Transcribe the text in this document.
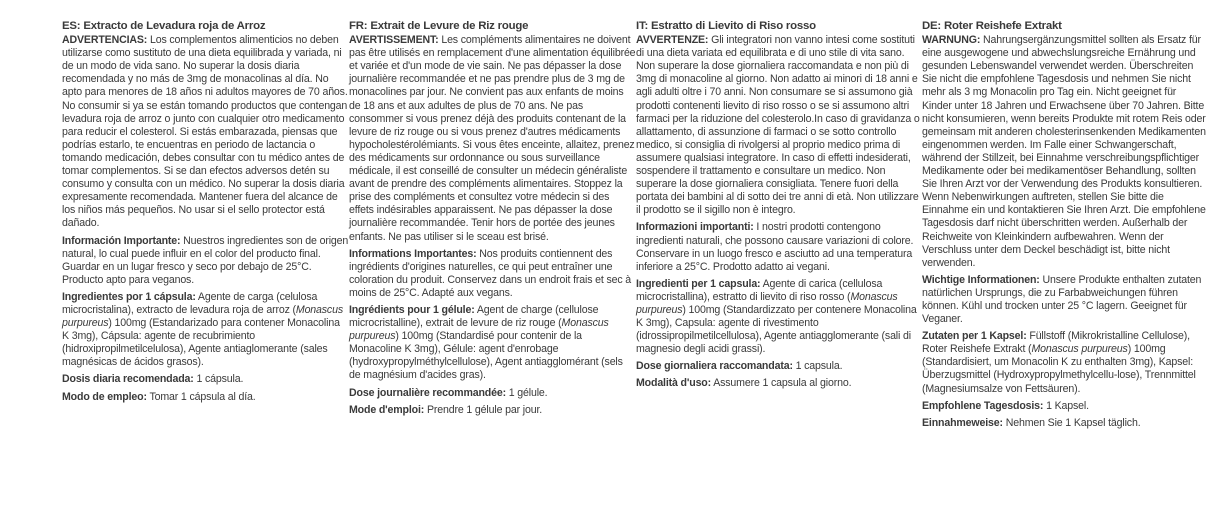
ES: Extracto de Levadura roja de Arroz
ADVERTENCIAS: Los complementos alimenticios no deben utilizarse como sustituto de una dieta equilibrada y variada, ni de un modo de vida sano. No superar la dosis diaria recomendada y no más de 3mg de monacolinas al día. No apto para menores de 18 años ni adultos mayores de 70 años. No consumir si ya se están tomando productos que contengan levadura roja de arroz o junto con cualquier otro medicamento para reducir el colesterol. Si estás embarazada, piensas que podrías estarlo, te encuentras en periodo de lactancia o tomando medicación, debes consultar con tu médico antes de tomar complementos. Si se dan efectos adversos detén su consumo y consulta con un médico. No superar la dosis diaria expresamente recomendada. Mantener fuera del alcance de los niños más pequeños. No usar si el sello protector está dañado.
Información Importante: Nuestros ingredientes son de origen natural, lo cual puede influir en el color del producto final. Guardar en un lugar fresco y seco por debajo de 25°C. Producto apto para veganos.
Ingredientes por 1 cápsula: Agente de carga (celulosa microcristalina), extracto de levadura roja de arroz (Monascus purpureus) 100mg (Estandarizado para contener Monacolina K 3mg), Cápsula: agente de recubrimiento (hidroxipropilmetilcelulosa), Agente antiaglomerante (sales magnésicas de ácidos grasos).
Dosis diaria recomendada: 1 cápsula.
Modo de empleo: Tomar 1 cápsula al día.
FR: Extrait de Levure de Riz rouge
AVERTISSEMENT: Les compléments alimentaires ne doivent pas être utilisés en remplacement d'une alimentation équilibrée et variée et d'un mode de vie sain. Ne pas dépasser la dose journalière recommandée et ne pas prendre plus de 3 mg de monacolines par jour. Ne convient pas aux enfants de moins de 18 ans et aux adultes de plus de 70 ans. Ne pas consommer si vous prenez déjà des produits contenant de la levure de riz rouge ou si vous prenez d'autres médicaments hypocholestérolémiants. Si vous êtes enceinte, allaitez, prenez des médicaments sur ordonnance ou sous surveillance médicale, il est conseillé de consulter un médecin généraliste avant de prendre des compléments alimentaires. Stoppez la prise des compléments et consultez votre médecin si des effets indésirables apparaissent. Ne pas dépasser la dose journalière recommandée. Tenir hors de portée des jeunes enfants. Ne pas utiliser si le sceau est brisé.
Informations Importantes: Nos produits contiennent des ingrédients d'origines naturelles, ce qui peut entraîner une coloration du produit. Conservez dans un endroit frais et sec à moins de 25°C. Adapté aux vegans.
Ingrédients pour 1 gélule: Agent de charge (cellulose microcristalline), extrait de levure de riz rouge (Monascus purpureus) 100mg (Standardisé pour contenir de la Monacoline K 3mg), Gélule: agent d'enrobage (hydroxypropylméthylcellulose), Agent antiagglomérant (sels de magnésium d'acides gras).
Dose journalière recommandée: 1 gélule.
Mode d'emploi: Prendre 1 gélule par jour.
IT: Estratto di Lievito di Riso rosso
AVVERTENZE: Gli integratori non vanno intesi come sostituti di una dieta variata ed equilibrata e di uno stile di vita sano. Non superare la dose giornaliera raccomandata e non più di 3mg di monacoline al giorno. Non adatto ai minori di 18 anni e agli adulti oltre i 70 anni. Non consumare se si assumono già prodotti contenenti lievito di riso rosso o se si assumono altri farmaci per la riduzione del colesterolo.In caso di gravidanza o allattamento, di assunzione di farmaci o se sotto controllo medico, si consiglia di rivolgersi al proprio medico prima di assumere qualsiasi integratore. In caso di effetti indesiderati, sospendere il trattamento e consultare un medico. Non superare la dose giornaliera consigliata. Tenere fuori della portata dei bambini al di sotto dei tre anni di età. Non utilizzare il prodotto se il sigillo non è integro.
Informazioni importanti: I nostri prodotti contengono ingredienti naturali, che possono causare variazioni di colore. Conservare in un luogo fresco e asciutto ad una temperatura inferiore a 25°C. Prodotto adatto ai vegani.
Ingredienti per 1 capsula: Agente di carica (cellulosa microcristallina), estratto di lievito di riso rosso (Monascus purpureus) 100mg (Standardizzato per contenere Monacolina K 3mg), Capsula: agente di rivestimento (idrossipropilmetilcellulosa), Agente antiagglomerante (sali di magnesio degli acidi grassi).
Dose giornaliera raccomandata: 1 capsula.
Modalità d'uso: Assumere 1 capsula al giorno.
DE: Roter Reishefe Extrakt
WARNUNG: Nahrungsergänzungsmittel sollten als Ersatz für eine ausgewogene und abwechslungsreiche Ernährung und gesunden Lebenswandel verwendet werden. Überschreiten Sie nicht die empfohlene Tagesdosis und nehmen Sie nicht mehr als 3 mg Monacolin pro Tag ein. Nicht geeignet für Kinder unter 18 Jahren und Erwachsene über 70 Jahren. Bitte nicht konsumieren, wenn bereits Produkte mit rotem Reis oder gemeinsam mit anderen cholesterinsenkenden Medikamenten eingenommen werden. Im Falle einer Schwangerschaft, während der Stillzeit, bei Einnahme verschreibungspflichtiger Medikamente oder bei medikamentöser Behandlung, sollten Sie Ihren Arzt vor der Verwendung des Produkts konsultieren. Wenn Nebenwirkungen auftreten, stellen Sie bitte die Einnahme ein und kontaktieren Sie Ihren Arzt. Die empfohlene Tagesdosis darf nicht überschritten werden. Außerhalb der Reichweite von Kleinkindern aufbewahren. Wenn der Verschluss unter dem Deckel beschädigt ist, bitte nicht verwenden.
Wichtige Informationen: Unsere Produkte enthalten zutaten natürlichen Ursprungs, die zu Farbabweichungen führen können. Kühl und trocken unter 25 °C lagern. Geeignet für Veganer.
Zutaten per 1 Kapsel: Füllstoff (Mikrokristalline Cellulose), Roter Reishefe Extrakt (Monascus purpureus) 100mg (Standardisiert, um Monacolin K zu enthalten 3mg), Kapsel: Überzugsmittel (Hydroxypropylmethylcellu-lose), Trennmittel (Magnesiumsalze von Fettsäuren).
Empfohlene Tagesdosis: 1 Kapsel.
Einnahmeweise: Nehmen Sie 1 Kapsel täglich.
